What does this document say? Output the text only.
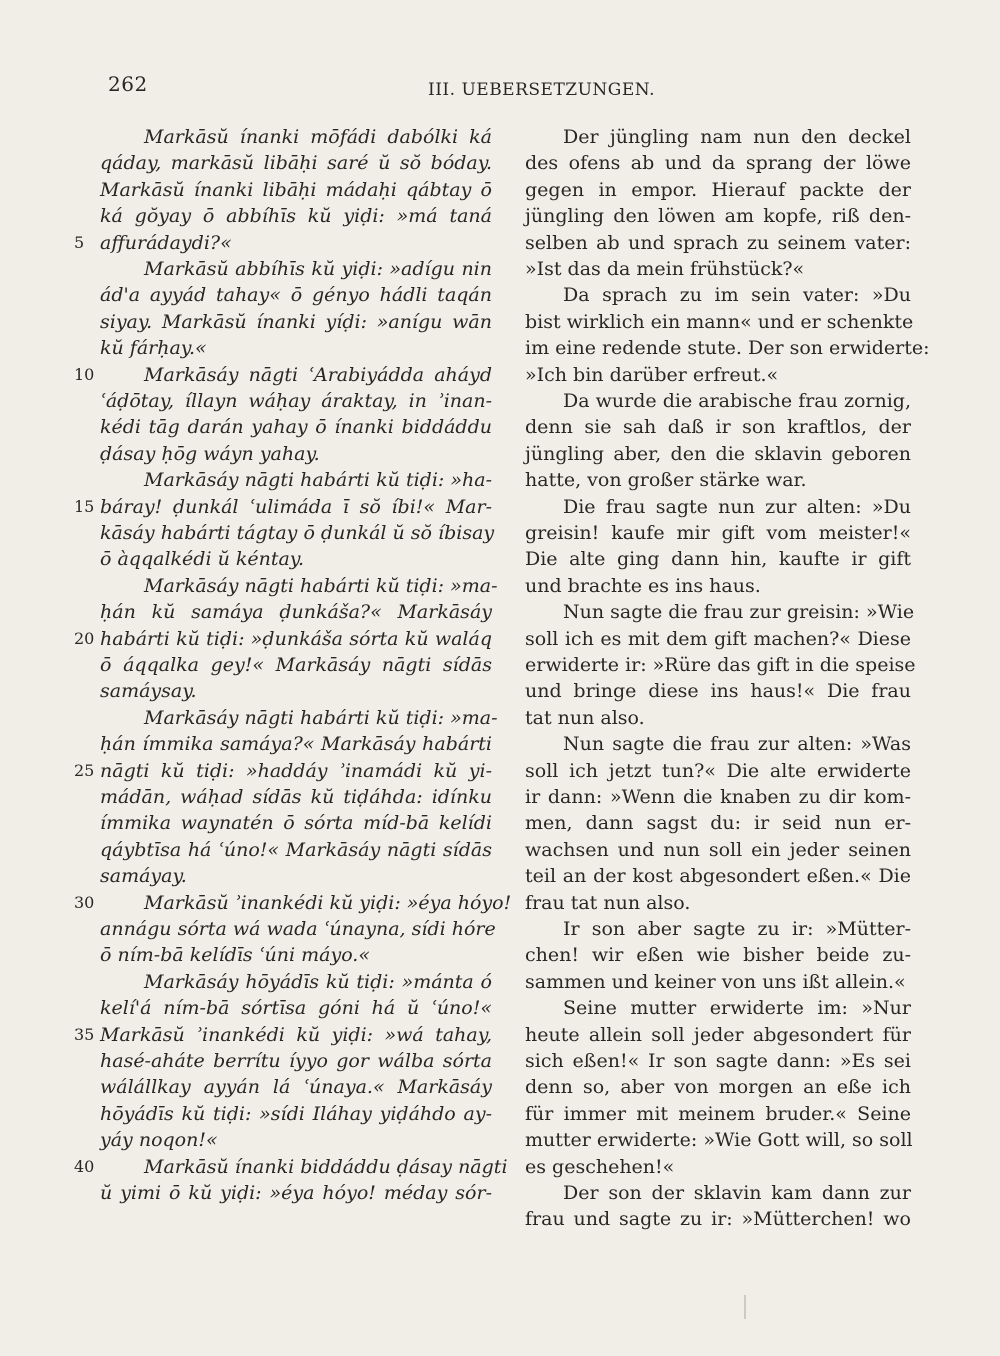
262	III. UEBERSETZUNGEN.
Markāsŭ ínanki mōfádi dabólki ká
qáday, markāsŭ libāḥi saré ŭ sŏ bóday.
Markāsŭ ínanki libāḥi mádaḥi qábtay ō
ká gŏyay ō abbíhīs kŭ yiḍi: »má taná
affurádaydi?«
Markāsŭ abbíhīs kŭ yiḍi: »adígu nin
ád'a ayyád tahay« ō gényo hádli taqán
siyay. Markāsŭ ínanki yíḍi: »anígu wān
kŭ fárḥay.«
Markāsáy nāgti ʿArabiyádda aháyd
ʿáḍōtay, íllayn wáḥay áraktay, in ʾinan-
kédi tāg darán yahay ō ínanki biddáddu
ḍásay ḥōg wáyn yahay.
Markāsáy nāgti habárti kŭ tiḍi: »ha-
báray! ḍunkál ʿulimáda ī sŏ íbi!« Mar-
kāsáy habárti tágtay ō ḍunkál ŭ sŏ íbisay
ō àqqalkédi ŭ kéntay.
Markāsáy nāgti habárti kŭ tiḍi: »ma-
ḥán kŭ samáya ḍunkáša?« Markāsáy
habárti kŭ tiḍi: »ḍunkáša sórta kŭ waláq
ō áqqalka gey!« Markāsáy nāgti sídās
samáysay.
Markāsáy nāgti habárti kŭ tiḍi: »ma-
ḥán ímmika samáya?« Markāsáy habárti
nāgti kŭ tiḍi: »haddáy ʾinamádi kŭ yi-
mádān, wáḥad sídās kŭ tiḍáhda: idínku
ímmika waynatén ō sórta míd-bā kelídi
qáybtīsa há ʿúno!« Markāsáy nāgti sídās
samáyay.
Markāsŭ ʾinankédi kŭ yiḍi: »éya hóyo!
annágu sórta wá wada ʿúnayna, sídi hóre
ō ním-bā kelídīs ʿúni máyo.«
Markāsáy hōyádīs kŭ tiḍi: »mánta ó
kelí'á ním-bā sórtīsa góni há ŭ ʿúno!«
Markāsŭ ʾinankédi kŭ yiḍi: »wá tahay,
hasé-aháte berrítu íyyo gor wálba sórta
wálállkay ayyán lá ʿúnaya.« Markāsáy
hōyádīs kŭ tiḍi: »sídi Iláhay yiḍáhdo ay-
yáy noqon!«
Markāsŭ ínanki biddáddu ḍásay nāgti
ŭ yimi ō kŭ yiḍi: »éya hóyo! méday sór-
Der jüngling nam nun den deckel
des ofens ab und da sprang der löwe
gegen in empor. Hierauf packte der
jüngling den löwen am kopfe, riß den-
selben ab und sprach zu seinem vater:
»Ist das da mein frühstück?«
Da sprach zu im sein vater: »Du
bist wirklich ein mann« und er schenkte
im eine redende stute. Der son erwiderte:
»Ich bin darüber erfreut.«
Da wurde die arabische frau zornig,
denn sie sah daß ir son kraftlos, der
jüngling aber, den die sklavin geboren
hatte, von großer stärke war.
Die frau sagte nun zur alten: »Du
greisin! kaufe mir gift vom meister!«
Die alte ging dann hin, kaufte ir gift
und brachte es ins haus.
Nun sagte die frau zur greisin: »Wie
soll ich es mit dem gift machen?« Diese
erwiderte ir: »Rüre das gift in die speise
und bringe diese ins haus!« Die frau
tat nun also.
Nun sagte die frau zur alten: »Was
soll ich jetzt tun?« Die alte erwiderte
ir dann: »Wenn die knaben zu dir kom-
men, dann sagst du: ir seid nun er-
wachsen und nun soll ein jeder seinen
teil an der kost abgesondert eßen.« Die
frau tat nun also.
Ir son aber sagte zu ir: »Mütter-
chen! wir eßen wie bisher beide zu-
sammen und keiner von uns ißt allein.«
Seine mutter erwiderte im: »Nur
heute allein soll jeder abgesondert für
sich eßen!« Ir son sagte dann: »Es sei
denn so, aber von morgen an eße ich
für immer mit meinem bruder.« Seine
mutter erwiderte: »Wie Gott will, so soll
es geschehen!«
Der son der sklavin kam dann zur
frau und sagte zu ir: »Mütterchen! wo
5
10
15
20
25
30
35
40
